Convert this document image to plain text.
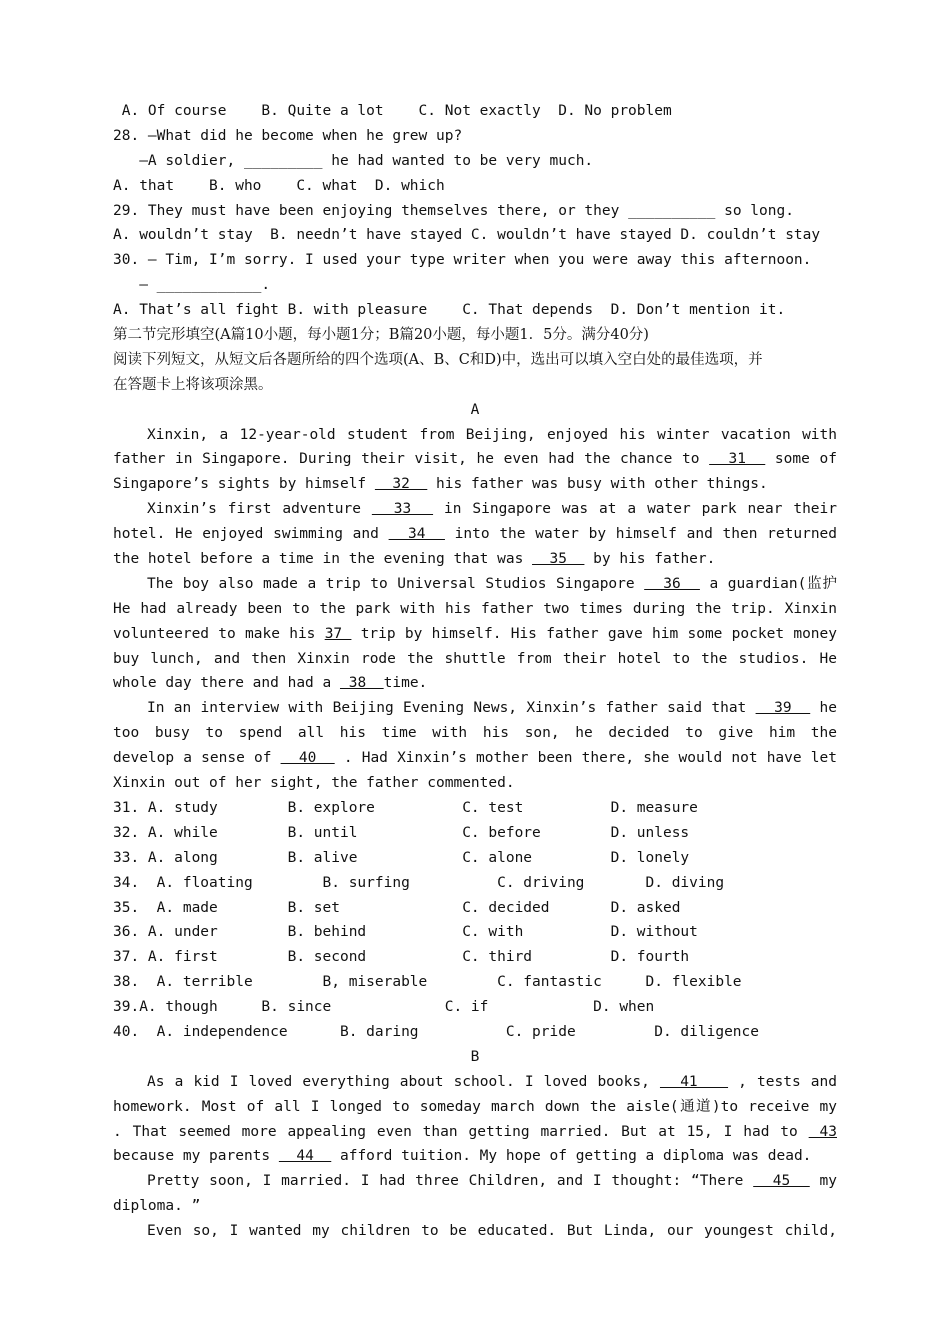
A. Of course    B. Quite a lot    C. Not exactly  D. No problem
28. —What did he become when he grew up?
—A soldier, _________ he had wanted to be very much.
A. that    B. who    C. what  D. which
29. They must have been enjoying themselves there, or they __________ so long.
A. wouldn’t stay  B. needn’t have stayed C. wouldn’t have stayed D. couldn’t stay
30. — Tim, I’m sorry. I used your type writer when you were away this afternoon.
— ____________.
A. That’s all fight B. with pleasure    C. That depends  D. Don’t mention it.
第二节完形填空(A篇10小题，每小题1分；B篇20小题，每小题1．5分。满分40分)
阅读下列短文，从短文后各题所给的四个选项(A、B、C和D)中，选出可以填入空白处的最佳选项，并
在答题卡上将该项涂黑。
A
Xinxin, a 12-year-old student from Beijing, enjoyed his winter vacation with
father in Singapore. During their visit, he even had the chance to   31   some of
Singapore’s sights by himself   32   his father was busy with other things.
Xinxin’s first adventure   33   in Singapore was at a water park near their
hotel. He enjoyed swimming and   34   into the water by himself and then returned
the hotel before a time in the evening that was   35   by his father.
The boy also made a trip to Universal Studios Singapore   36   a guardian(监护
He had already been to the park with his father two times during the trip. Xinxin
volunteered to make his 37  trip by himself. His father gave him some pocket money
buy lunch, and then Xinxin rode the shuttle from their hotel to the studios. He
whole day there and had a  38  time.
In an interview with Beijing Evening News, Xinxin’s father said that   39   he
too busy to spend all his time with his son, he decided to give him the
develop a sense of   40   . Had Xinxin’s mother been there, she would not have let
Xinxin out of her sight, the father commented.
31. A. study        B. explore          C. test          D. measure
32. A. while        B. until            C. before        D. unless
33. A. along        B. alive            C. alone         D. lonely
34.  A. floating        B. surfing          C. driving       D. diving
35.  A. made        B. set              C. decided       D. asked
36. A. under        B. behind           C. with          D. without
37. A. first        B. second           C. third         D. fourth
38.  A. terrible        B, miserable        C. fantastic     D. flexible
39.A. though     B. since             C. if            D. when
40.  A. independence      B. daring          C. pride         D. diligence
B
As a kid I loved everything about school. I loved books,   41    , tests and
homework. Most of all I longed to someday march down the aisle(通道)to receive my
. That seemed more appealing even than getting married. But at 15, I had to  43
because my parents   44   afford tuition. My hope of getting a diploma was dead.
Pretty soon, I married. I had three Children, and I thought: “There   45   my
diploma. ”
Even so, I wanted my children to be educated. But Linda, our youngest child,
